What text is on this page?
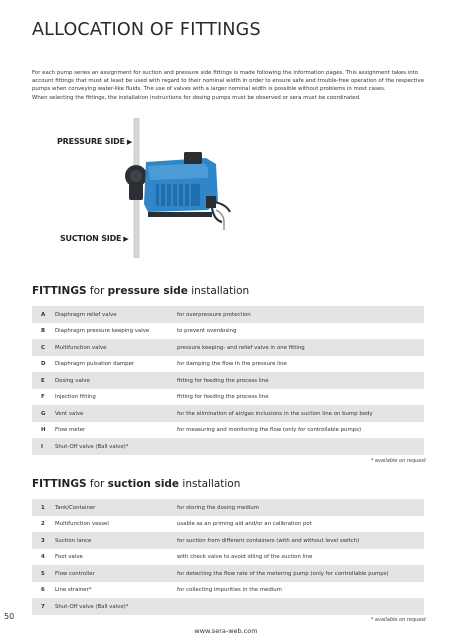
ALLOCATION OF FITTINGS

For each pump series an assignment for suction and pressure side fittings is made following the information pages. This assignment takes into account fittings that must at least be used with regard to their nominal width in order to ensure safe and trouble-free operation of the respective pumps when conveying water-like fluids. The use of valves with a larger nominal width is possible without problems in most cases.

When selecting the fittings, the installation instructions for dosing pumps must be observed or sera must be coordinated.

PRESSURE SIDE ▶
SUCTION SIDE ▶
FITTINGS for pressure side installation
A Diaphragm relief valve	for overpressure protection
B Diaphragm pressure keeping valve	to prevent overdosing
C Multifunction valve	pressure keeping- and relief valve in one fitting
D Diaphragm pulsation damper	for damping the flow in the pressure line
E Dosing valve	fitting for feeding the process line
F Injection fitting	fitting for feeding the process line
G Vent valve	for the elimination of air/gas inclusions in the suction line on bump body
H Flow meter	for measuring and monitoring the flow (only for controllable pumps)
I Shut-Off valve (Ball valve)*
* available on request
FITTINGS for suction side installation
1 Tank/Container	for storing the dosing medium
2 Multifunction vessel	usable as an priming aid and/or an calibration pot
3 Suction lance	for suction from different containers (with and without level switch)
4 Foot valve	with check valve to avoid idling of the suction line
5 Flow controller	for detecting the flow rate of the metering pump (only for controllable pumps)
6 Line strainer*	for collecting impurities in the medium
7 Shut-Off valve (Ball valve)*
* available on request
50
www.sera-web.com
